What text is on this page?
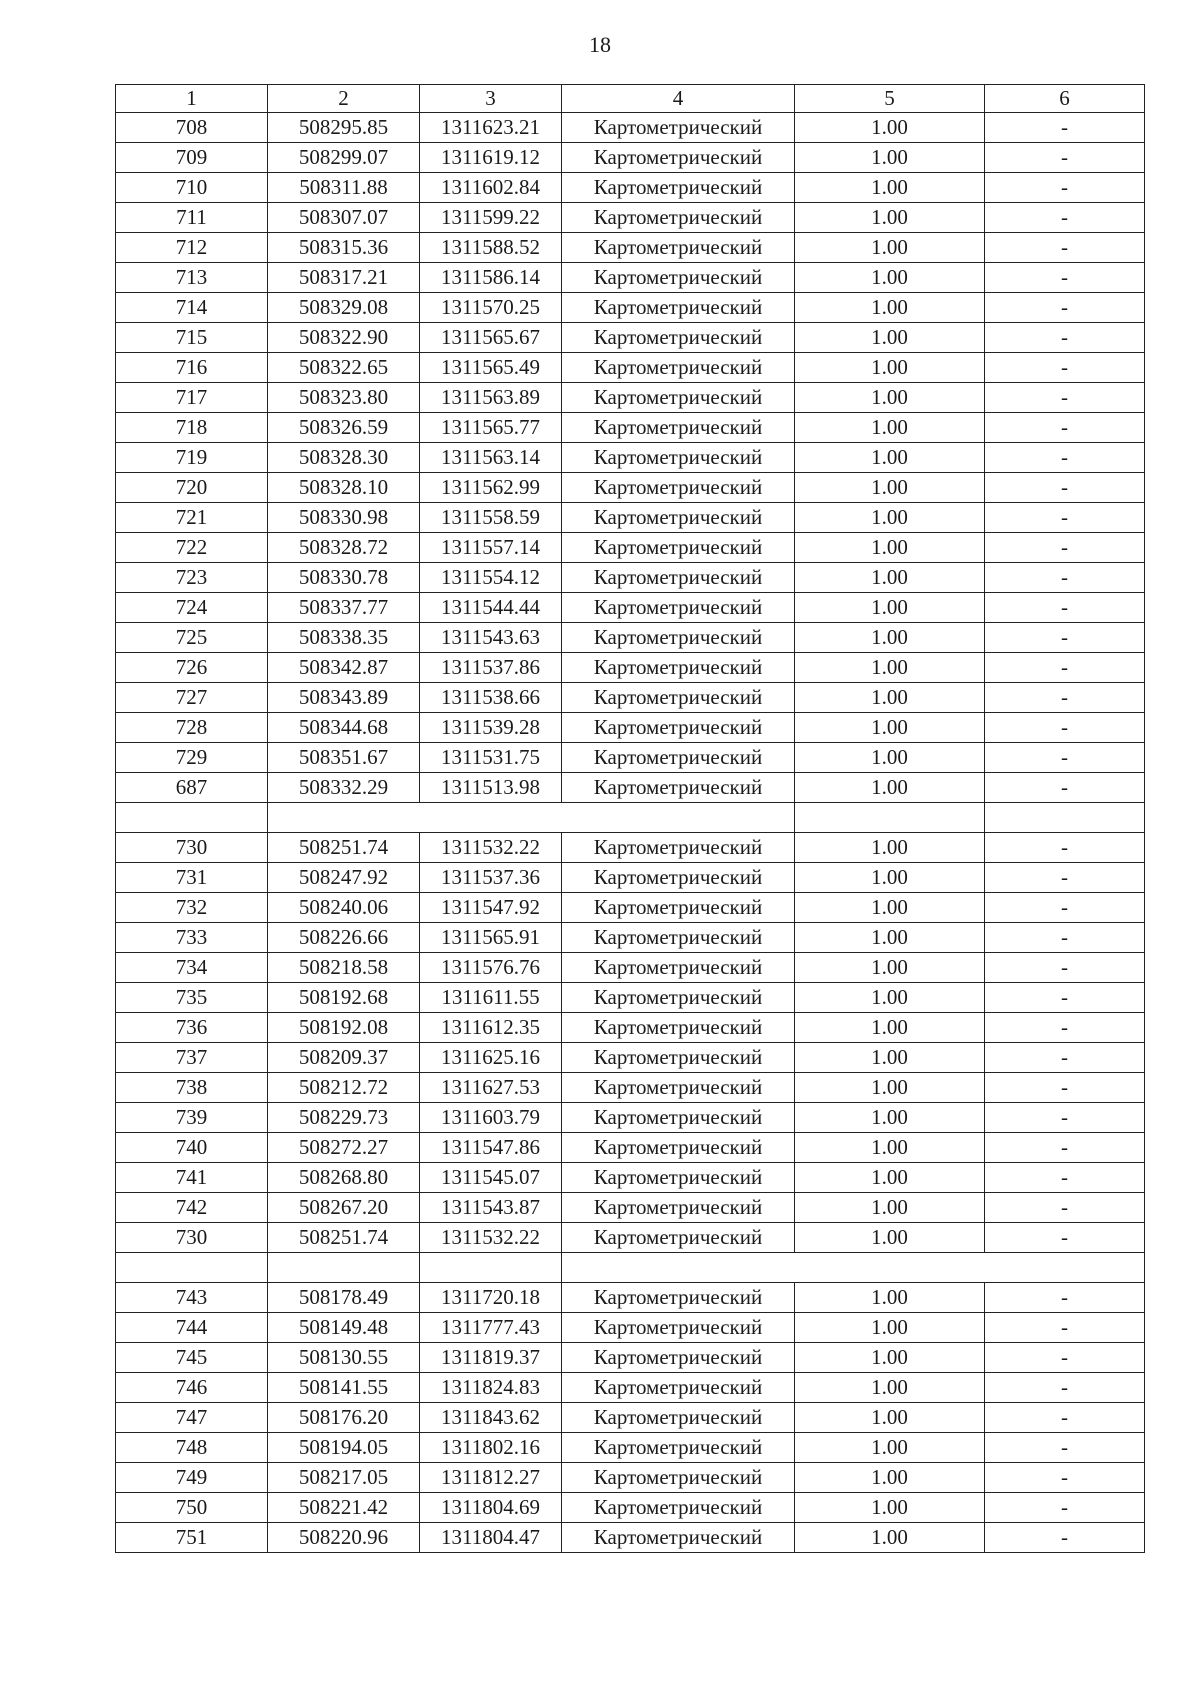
18
1	2	3	4	5	6
708	508295.85	1311623.21	Картометрический	1.00	-
709	508299.07	1311619.12	Картометрический	1.00	-
710	508311.88	1311602.84	Картометрический	1.00	-
711	508307.07	1311599.22	Картометрический	1.00	-
712	508315.36	1311588.52	Картометрический	1.00	-
713	508317.21	1311586.14	Картометрический	1.00	-
714	508329.08	1311570.25	Картометрический	1.00	-
715	508322.90	1311565.67	Картометрический	1.00	-
716	508322.65	1311565.49	Картометрический	1.00	-
717	508323.80	1311563.89	Картометрический	1.00	-
718	508326.59	1311565.77	Картометрический	1.00	-
719	508328.30	1311563.14	Картометрический	1.00	-
720	508328.10	1311562.99	Картометрический	1.00	-
721	508330.98	1311558.59	Картометрический	1.00	-
722	508328.72	1311557.14	Картометрический	1.00	-
723	508330.78	1311554.12	Картометрический	1.00	-
724	508337.77	1311544.44	Картометрический	1.00	-
725	508338.35	1311543.63	Картометрический	1.00	-
726	508342.87	1311537.86	Картометрический	1.00	-
727	508343.89	1311538.66	Картометрический	1.00	-
728	508344.68	1311539.28	Картометрический	1.00	-
729	508351.67	1311531.75	Картометрический	1.00	-
687	508332.29	1311513.98	Картометрический	1.00	-

730	508251.74	1311532.22	Картометрический	1.00	-
731	508247.92	1311537.36	Картометрический	1.00	-
732	508240.06	1311547.92	Картометрический	1.00	-
733	508226.66	1311565.91	Картометрический	1.00	-
734	508218.58	1311576.76	Картометрический	1.00	-
735	508192.68	1311611.55	Картометрический	1.00	-
736	508192.08	1311612.35	Картометрический	1.00	-
737	508209.37	1311625.16	Картометрический	1.00	-
738	508212.72	1311627.53	Картометрический	1.00	-
739	508229.73	1311603.79	Картометрический	1.00	-
740	508272.27	1311547.86	Картометрический	1.00	-
741	508268.80	1311545.07	Картометрический	1.00	-
742	508267.20	1311543.87	Картометрический	1.00	-
730	508251.74	1311532.22	Картометрический	1.00	-

743	508178.49	1311720.18	Картометрический	1.00	-
744	508149.48	1311777.43	Картометрический	1.00	-
745	508130.55	1311819.37	Картометрический	1.00	-
746	508141.55	1311824.83	Картометрический	1.00	-
747	508176.20	1311843.62	Картометрический	1.00	-
748	508194.05	1311802.16	Картометрический	1.00	-
749	508217.05	1311812.27	Картометрический	1.00	-
750	508221.42	1311804.69	Картометрический	1.00	-
751	508220.96	1311804.47	Картометрический	1.00	-
